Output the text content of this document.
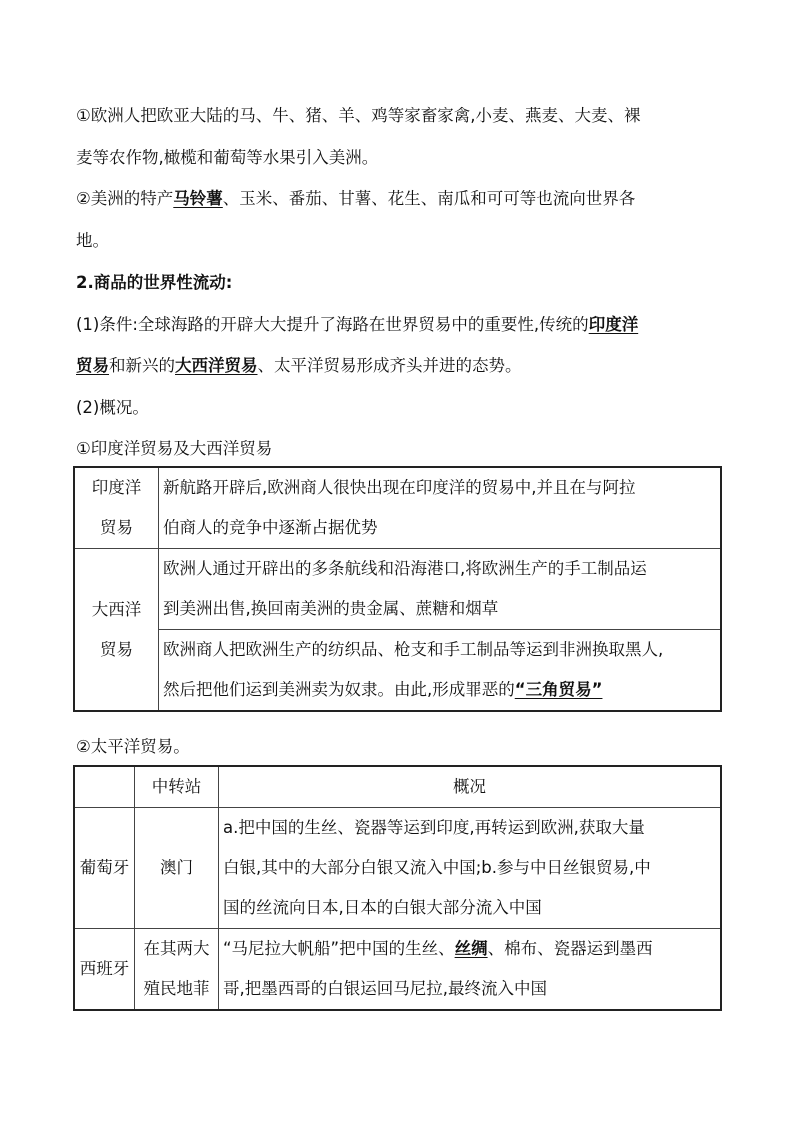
①欧洲人把欧亚大陆的马、牛、猪、羊、鸡等家畜家禽,小麦、燕麦、大麦、裸
麦等农作物,橄榄和葡萄等水果引入美洲。
②美洲的特产马铃薯、玉米、番茄、甘薯、花生、南瓜和可可等也流向世界各
地。
2.商品的世界性流动:
(1)条件:全球海路的开辟大大提升了海路在世界贸易中的重要性,传统的印度洋
贸易和新兴的大西洋贸易、太平洋贸易形成齐头并进的态势。
(2)概况。
①印度洋贸易及大西洋贸易
印度洋
贸易	新航路开辟后,欧洲商人很快出现在印度洋的贸易中,并且在与阿拉
伯商人的竞争中逐渐占据优势

大西洋
贸易	欧洲人通过开辟出的多条航线和沿海港口,将欧洲生产的手工制品运
到美洲出售,换回南美洲的贵金属、蔗糖和烟草

	欧洲商人把欧洲生产的纺织品、枪支和手工制品等运到非洲换取黑人,
然后把他们运到美洲卖为奴隶。由此,形成罪恶的“三角贸易”
②太平洋贸易。
	中转站	概况
葡萄牙	澳门	a.把中国的生丝、瓷器等运到印度,再转运到欧洲,获取大量
白银,其中的大部分白银又流入中国;b.参与中日丝银贸易,中
国的丝流向日本,日本的白银大部分流入中国

西班牙	在其两大
殖民地菲	“马尼拉大帆船”把中国的生丝、丝绸、棉布、瓷器运到墨西
哥,把墨西哥的白银运回马尼拉,最终流入中国
